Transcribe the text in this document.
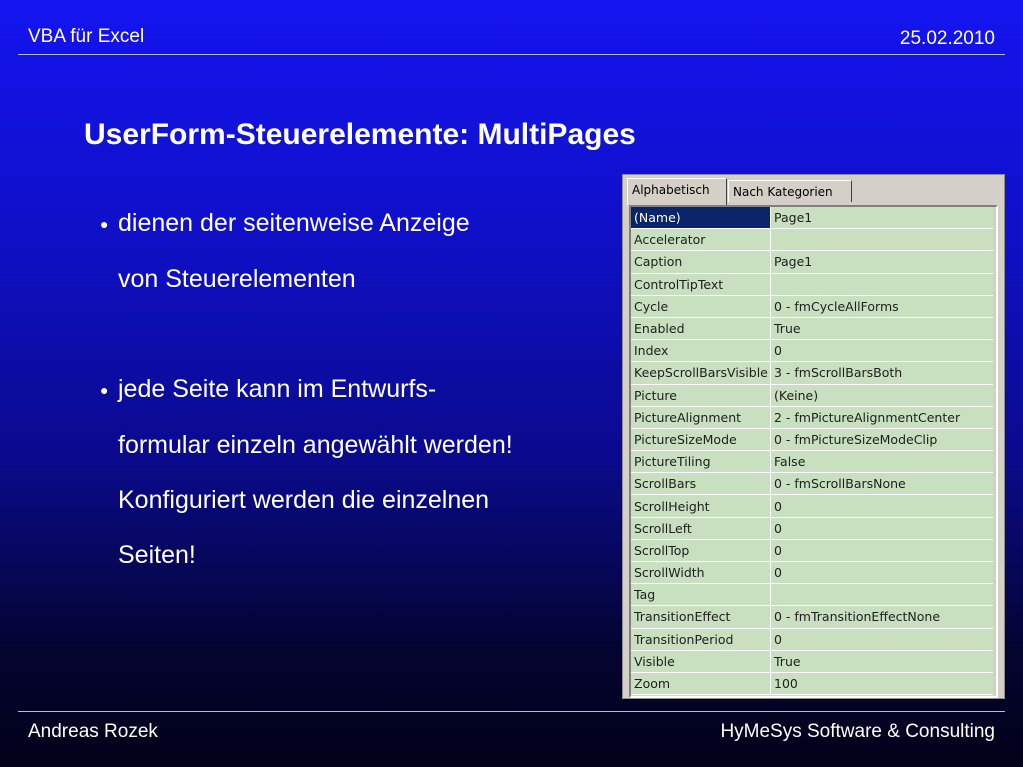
VBA für Excel	25.02.2010
UserForm-Steuerelemente: MultiPages
● dienen der seitenweise Anzeige
von Steuerelementen
● jede Seite kann im Entwurfs-
formular einzeln angewählt werden!
Konfiguriert werden die einzelnen
Seiten!
Alphabetisch	Nach Kategorien
(Name)	Page1
Accelerator	
Caption	Page1
ControlTipText	
Cycle	0 - fmCycleAllForms
Enabled	True
Index	0
KeepScrollBarsVisible	3 - fmScrollBarsBoth
Picture	(Keine)
PictureAlignment	2 - fmPictureAlignmentCenter
PictureSizeMode	0 - fmPictureSizeModeClip
PictureTiling	False
ScrollBars	0 - fmScrollBarsNone
ScrollHeight	0
ScrollLeft	0
ScrollTop	0
ScrollWidth	0
Tag	
TransitionEffect	0 - fmTransitionEffectNone
TransitionPeriod	0
Visible	True
Zoom	100
Andreas Rozek	HyMeSys Software & Consulting
